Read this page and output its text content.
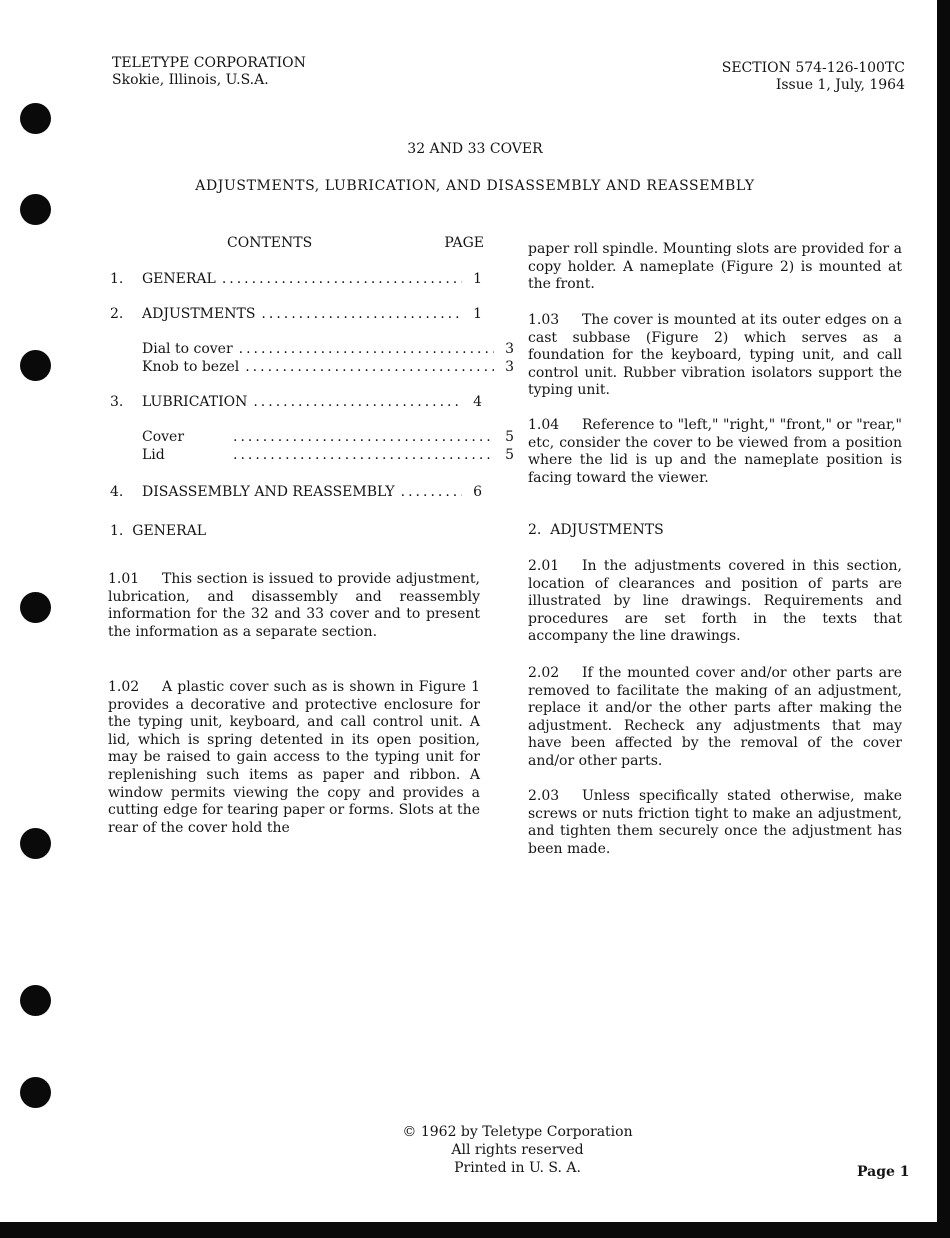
TELETYPE CORPORATION
Skokie, Illinois, U.S.A.
SECTION 574-126-100TC
Issue 1, July, 1964
32 AND 33 COVER
ADJUSTMENTS, LUBRICATION, AND DISASSEMBLY AND REASSEMBLY
CONTENTS	PAGE
1.	GENERAL .....	1
2.	ADJUSTMENTS .....	1
Dial to cover .....	3
Knob to bezel .....	3
3.	LUBRICATION .....	4
Cover .....	5
Lid .....	5
4.	DISASSEMBLY AND REASSEMBLY .....	6
1.  GENERAL

1.01 This section is issued to provide adjustment, lubrication, and disassembly and reassembly information for the 32 and 33 cover and to present the information as a separate section.

1.02 A plastic cover such as is shown in Figure 1 provides a decorative and protective enclosure for the typing unit, keyboard, and call control unit. A lid, which is spring detented in its open position, may be raised to gain access to the typing unit for replenishing such items as paper and ribbon. A window permits viewing the copy and provides a cutting edge for tearing paper or forms. Slots at the rear of the cover hold the

paper roll spindle. Mounting slots are provided for a copy holder. A nameplate (Figure 2) is mounted at the front.

1.03 The cover is mounted at its outer edges on a cast subbase (Figure 2) which serves as a foundation for the keyboard, typing unit, and call control unit. Rubber vibration isolators support the typing unit.

1.04 Reference to "left," "right," "front," or "rear," etc, consider the cover to be viewed from a position where the lid is up and the nameplate position is facing toward the viewer.

2.  ADJUSTMENTS

2.01 In the adjustments covered in this section, location of clearances and position of parts are illustrated by line drawings. Requirements and procedures are set forth in the texts that accompany the line drawings.

2.02 If the mounted cover and/or other parts are removed to facilitate the making of an adjustment, replace it and/or the other parts after making the adjustment. Recheck any adjustments that may have been affected by the removal of the cover and/or other parts.

2.03 Unless specifically stated otherwise, make screws or nuts friction tight to make an adjustment, and tighten them securely once the adjustment has been made.

© 1962 by Teletype Corporation
All rights reserved
Printed in U. S. A.	Page 1
